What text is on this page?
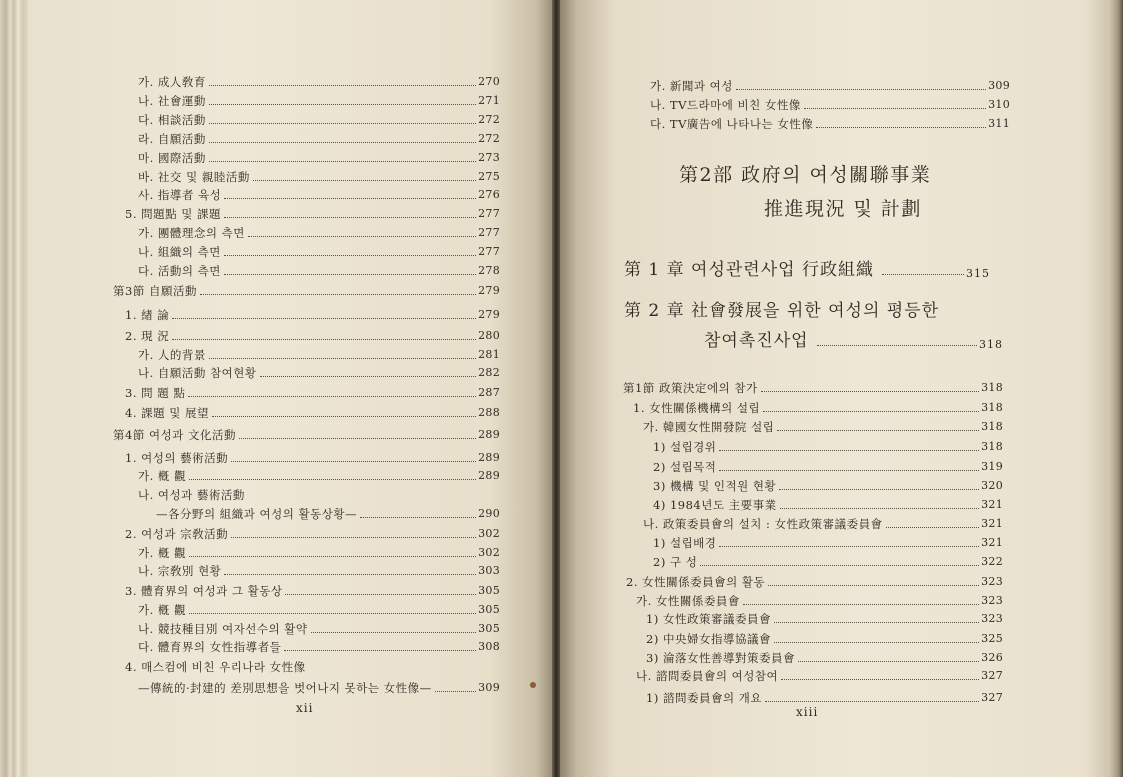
가. 成人敎育	270
나. 社會運動	271
다. 相談活動	272
라. 自願活動	272
마. 國際活動	273
바. 社交 및 親睦活動	275
사. 指導者 육성	276
5. 問題點 및 課題	277
가. 團體理念의 측면	277
나. 組織의 측면	277
다. 活動의 측면	278
第3節 自願活動	279
1. 緖 論	279
2. 現 況	280
가. 人的背景	281
나. 自願活動 참여현황	282
3. 問 題 點	287
4. 課題 및 展望	288
第4節 여성과 文化活動	289
1. 여성의 藝術活動	289
가. 槪 觀	289
나. 여성과 藝術活動
—各分野의 組織과 여성의 활동상황—	290
2. 여성과 宗敎活動	302
가. 槪 觀	302
나. 宗敎別 현황	303
3. 體育界의 여성과 그 활동상	305
가. 槪 觀	305
나. 競技種目別 여자선수의 활약	305
다. 體育界의 女性指導者들	308
4. 매스컴에 비친 우리나라 女性像
—傳統的·封建的 差別思想을 벗어나지 못하는 女性像—	309
xii
가. 新聞과 여성	309
나. TV드라마에 비친 女性像	310
다. TV廣告에 나타나는 女性像	311
第2部 政府의 여성關聯事業
推進現況 및 計劃
第 1 章 여성관련사업 行政組織	315
第 2 章 社會發展을 위한 여성의 평등한
참여촉진사업	318
第1節 政策決定에의 참가	318
1. 女性關係機構의 설립	318
가. 韓國女性開發院 설립	318
1) 설립경위	318
2) 설립목적	319
3) 機構 및 인적원 현황	320
4) 1984년도 主要事業	321
나. 政策委員會의 설치 : 女性政策審議委員會	321
1) 설립배경	321
2) 구 성	322
2. 女性關係委員會의 활동	323
가. 女性關係委員會	323
1) 女性政策審議委員會	323
2) 中央婦女指導協議會	325
3) 淪落女性善導對策委員會	326
나. 諮問委員會의 여성참여	327
1) 諮問委員會의 개요	327
xiii
